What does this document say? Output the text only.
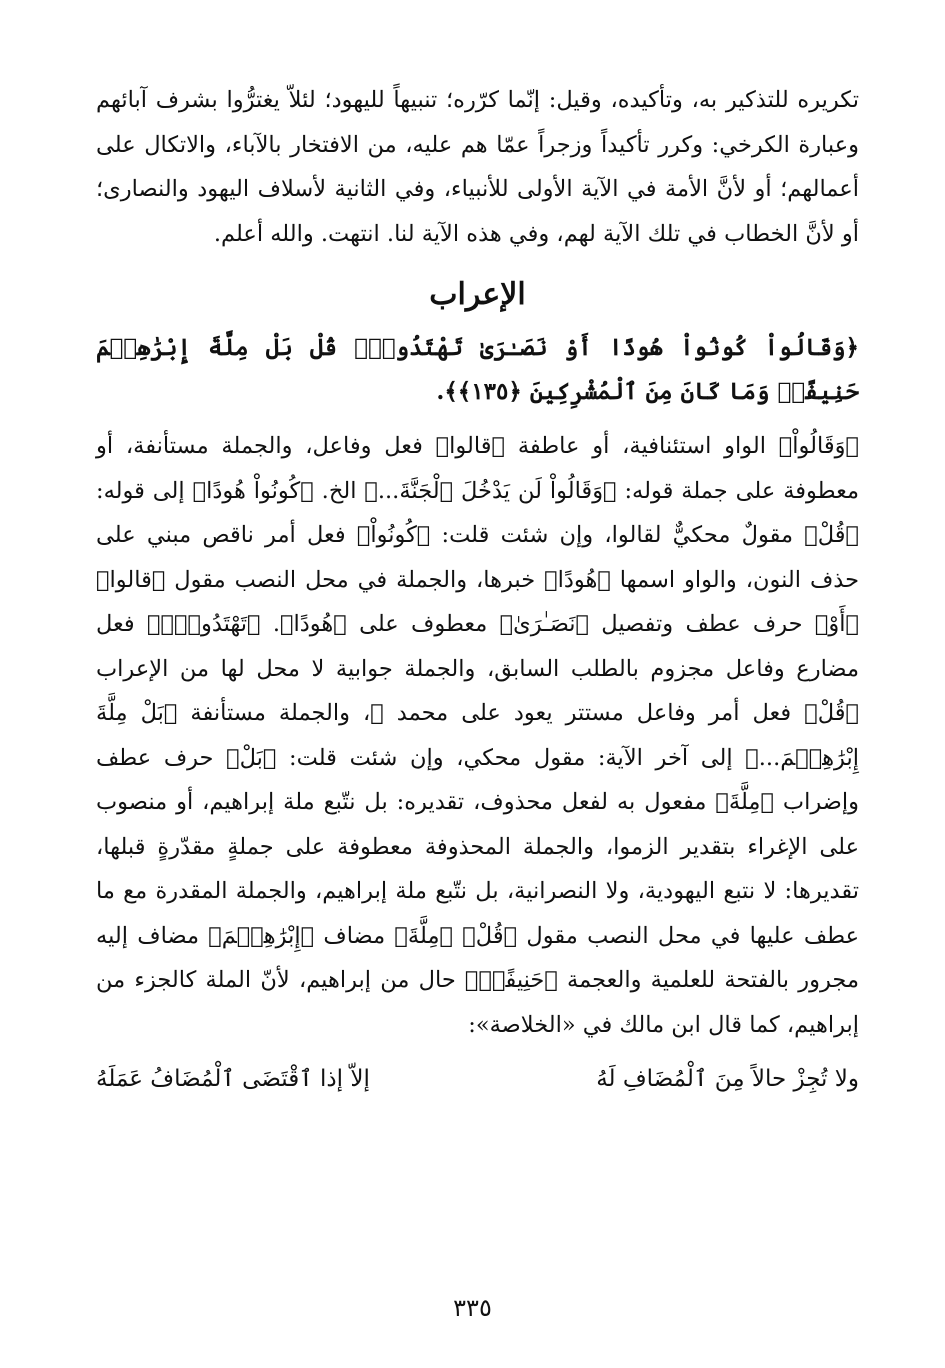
تكريره للتذكير به، وتأكيده، وقيل: إنّما كرّره؛ تنبيهاً لليهود؛ لئلاّ يغترُّوا بشرف آبائهم وعبارة الكرخي: وكرر تأكيداً وزجراً عمّا هم عليه، من الافتخار بالآباء، والاتكال على أعمالهم؛ أو لأنَّ الأمة في الآية الأولى للأنبياء، وفي الثانية لأسلاف اليهود والنصارى؛ أو لأنَّ الخطاب في تلك الآية لهم، وفي هذه الآية لنا. انتهت. والله أعلم.

الإعراب

﴿وَقَالُواْ كُونُواْ هُودًا أَوْ نَصَـٰرَىٰ تَهْتَدُواْۗ قُلْ بَلْ مِلَّةَ إِبْرَٰهِـۧمَ حَنِيفًاۖ وَمَا كَانَ مِنَ ٱلْمُشْرِكِينَ ﴿١٣٥﴾﴾.

﴿وَقَالُواْ﴾ الواو استئنافية، أو عاطفة ﴿قالوا﴾ فعل وفاعل، والجملة مستأنفة، أو معطوفة على جملة قوله: ﴿وَقَالُواْ لَن يَدْخُلَ ٱلْجَنَّةَ...﴾ الخ. ﴿كُونُواْ هُودًا﴾ إلى قوله: ﴿قُلْ﴾ مقولٌ محكيٌّ لقالوا، وإن شئت قلت: ﴿كُونُواْ﴾ فعل أمر ناقص مبني على حذف النون، والواو اسمها ﴿هُودًا﴾ خبرها، والجملة في محل النصب مقول ﴿قالوا﴾ ﴿أَوْ﴾ حرف عطف وتفصيل ﴿نَصَـٰرَىٰ﴾ معطوف على ﴿هُودًا﴾. ﴿تَهْتَدُواْۗ﴾ فعل مضارع وفاعل مجزوم بالطلب السابق، والجملة جوابية لا محل لها من الإعراب ﴿قُلْ﴾ فعل أمر وفاعل مستتر يعود على محمد ﷺ، والجملة مستأنفة ﴿بَلْ مِلَّةَ إِبْرَٰهِـۧمَ...﴾ إلى آخر الآية: مقول محكي، وإن شئت قلت: ﴿بَلْ﴾ حرف عطف وإضراب ﴿مِلَّةَ﴾ مفعول به لفعل محذوف، تقديره: بل نتّبع ملة إبراهيم، أو منصوب على الإغراء بتقدير الزموا، والجملة المحذوفة معطوفة على جملةٍ مقدّرةٍ قبلها، تقديرها: لا نتبع اليهودية، ولا النصرانية، بل نتّبع ملة إبراهيم، والجملة المقدرة مع ما عطف عليها في محل النصب مقول ﴿قُلْ﴾ ﴿مِلَّةَ﴾ مضاف ﴿إِبْرَٰهِـۧمَ﴾ مضاف إليه مجرور بالفتحة للعلمية والعجمة ﴿حَنِيفًاۖ﴾ حال من إبراهيم، لأنّ الملة كالجزء من إبراهيم، كما قال ابن مالك في «الخلاصة»:

ولا تُجِزْ حالاً مِنَ ٱلْمُضَافِ لَهُ
إلاّ إذا ٱقْتَضَى ٱلْمُضَافُ عَمَلَهُ
٣٣٥
